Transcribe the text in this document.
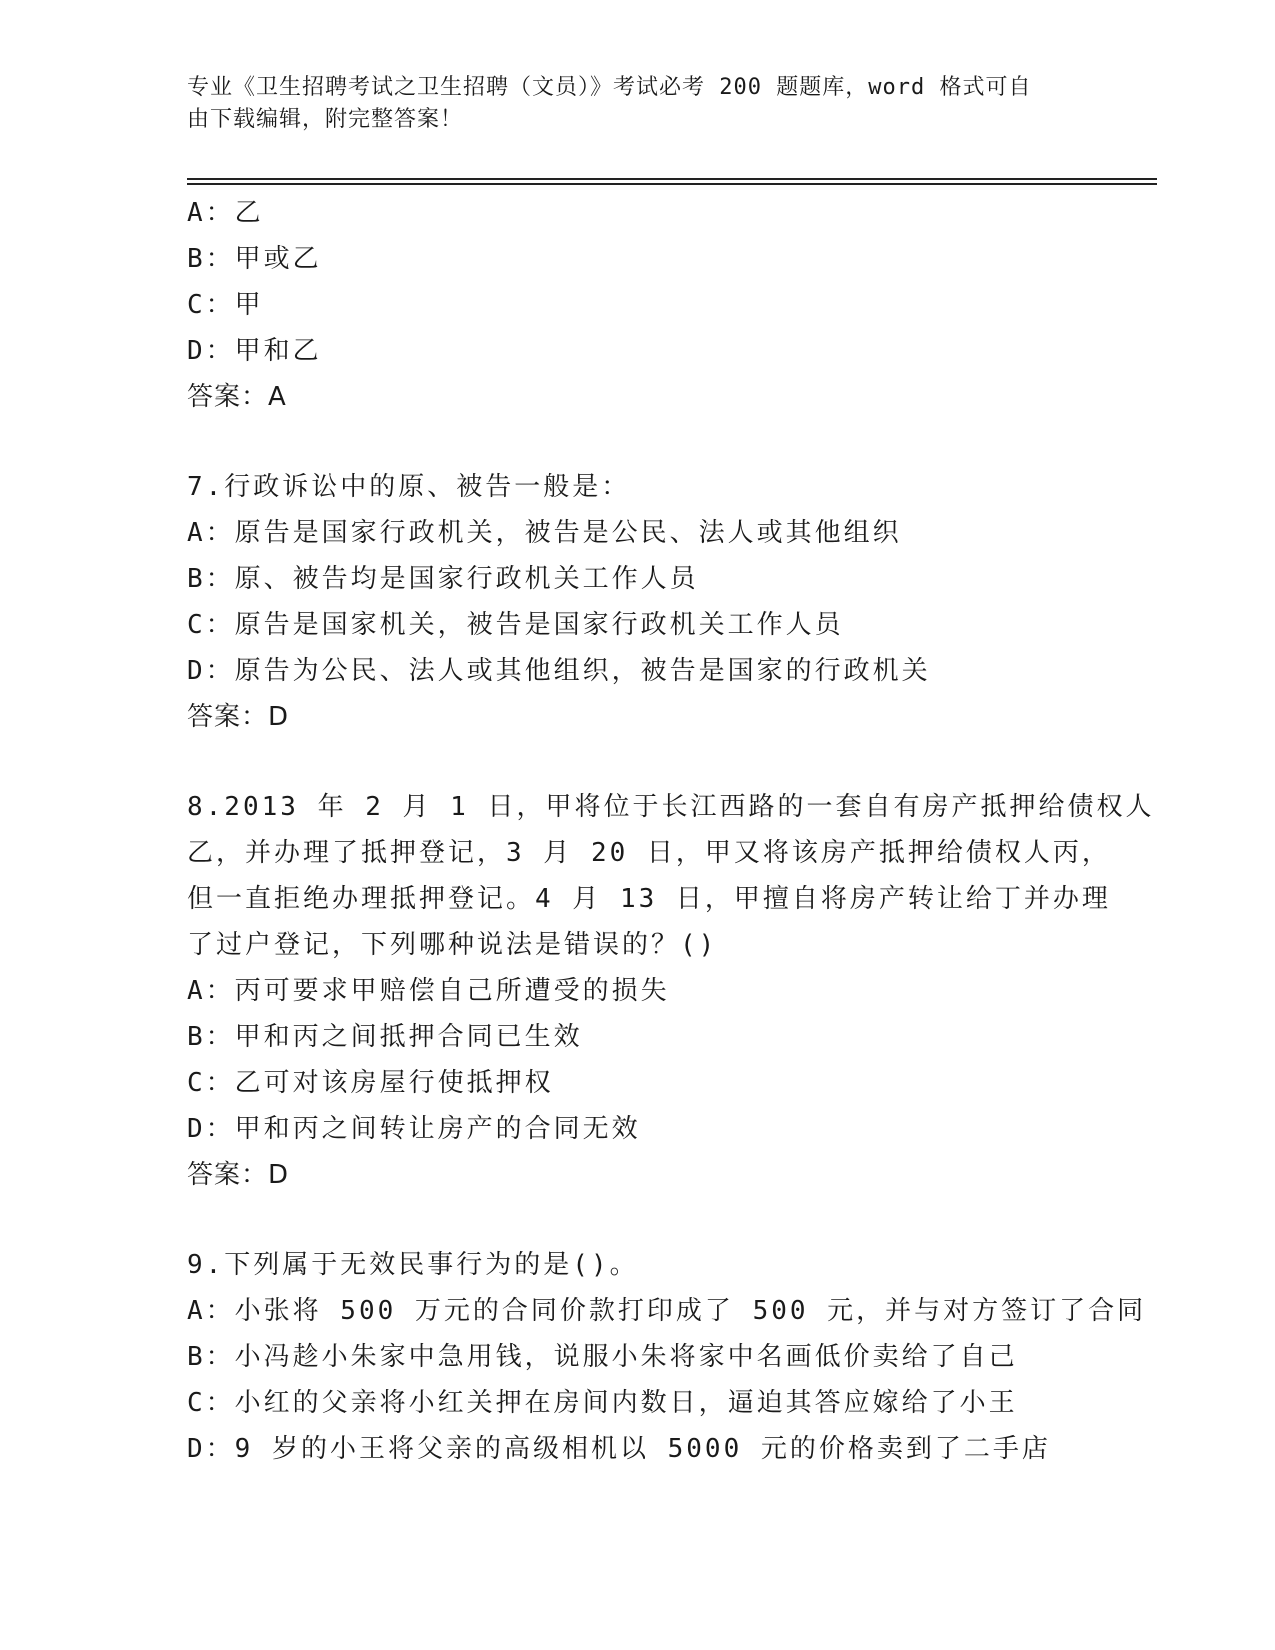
专业《卫生招聘考试之卫生招聘（文员）》考试必考 200 题题库，word 格式可自
由下载编辑，附完整答案！
A：乙
B：甲或乙
C：甲
D：甲和乙
答案：A
7.行政诉讼中的原、被告一般是：
A：原告是国家行政机关，被告是公民、法人或其他组织
B：原、被告均是国家行政机关工作人员
C：原告是国家机关，被告是国家行政机关工作人员
D：原告为公民、法人或其他组织，被告是国家的行政机关
答案：D
8.2013 年 2 月 1 日，甲将位于长江西路的一套自有房产抵押给债权人
乙，并办理了抵押登记，3 月 20 日，甲又将该房产抵押给债权人丙，
但一直拒绝办理抵押登记。4 月 13 日，甲擅自将房产转让给丁并办理
了过户登记，下列哪种说法是错误的？()
A：丙可要求甲赔偿自己所遭受的损失
B：甲和丙之间抵押合同已生效
C：乙可对该房屋行使抵押权
D：甲和丙之间转让房产的合同无效
答案：D
9.下列属于无效民事行为的是()。
A：小张将 500 万元的合同价款打印成了 500 元，并与对方签订了合同
B：小冯趁小朱家中急用钱，说服小朱将家中名画低价卖给了自己
C：小红的父亲将小红关押在房间内数日，逼迫其答应嫁给了小王
D：9 岁的小王将父亲的高级相机以 5000 元的价格卖到了二手店
